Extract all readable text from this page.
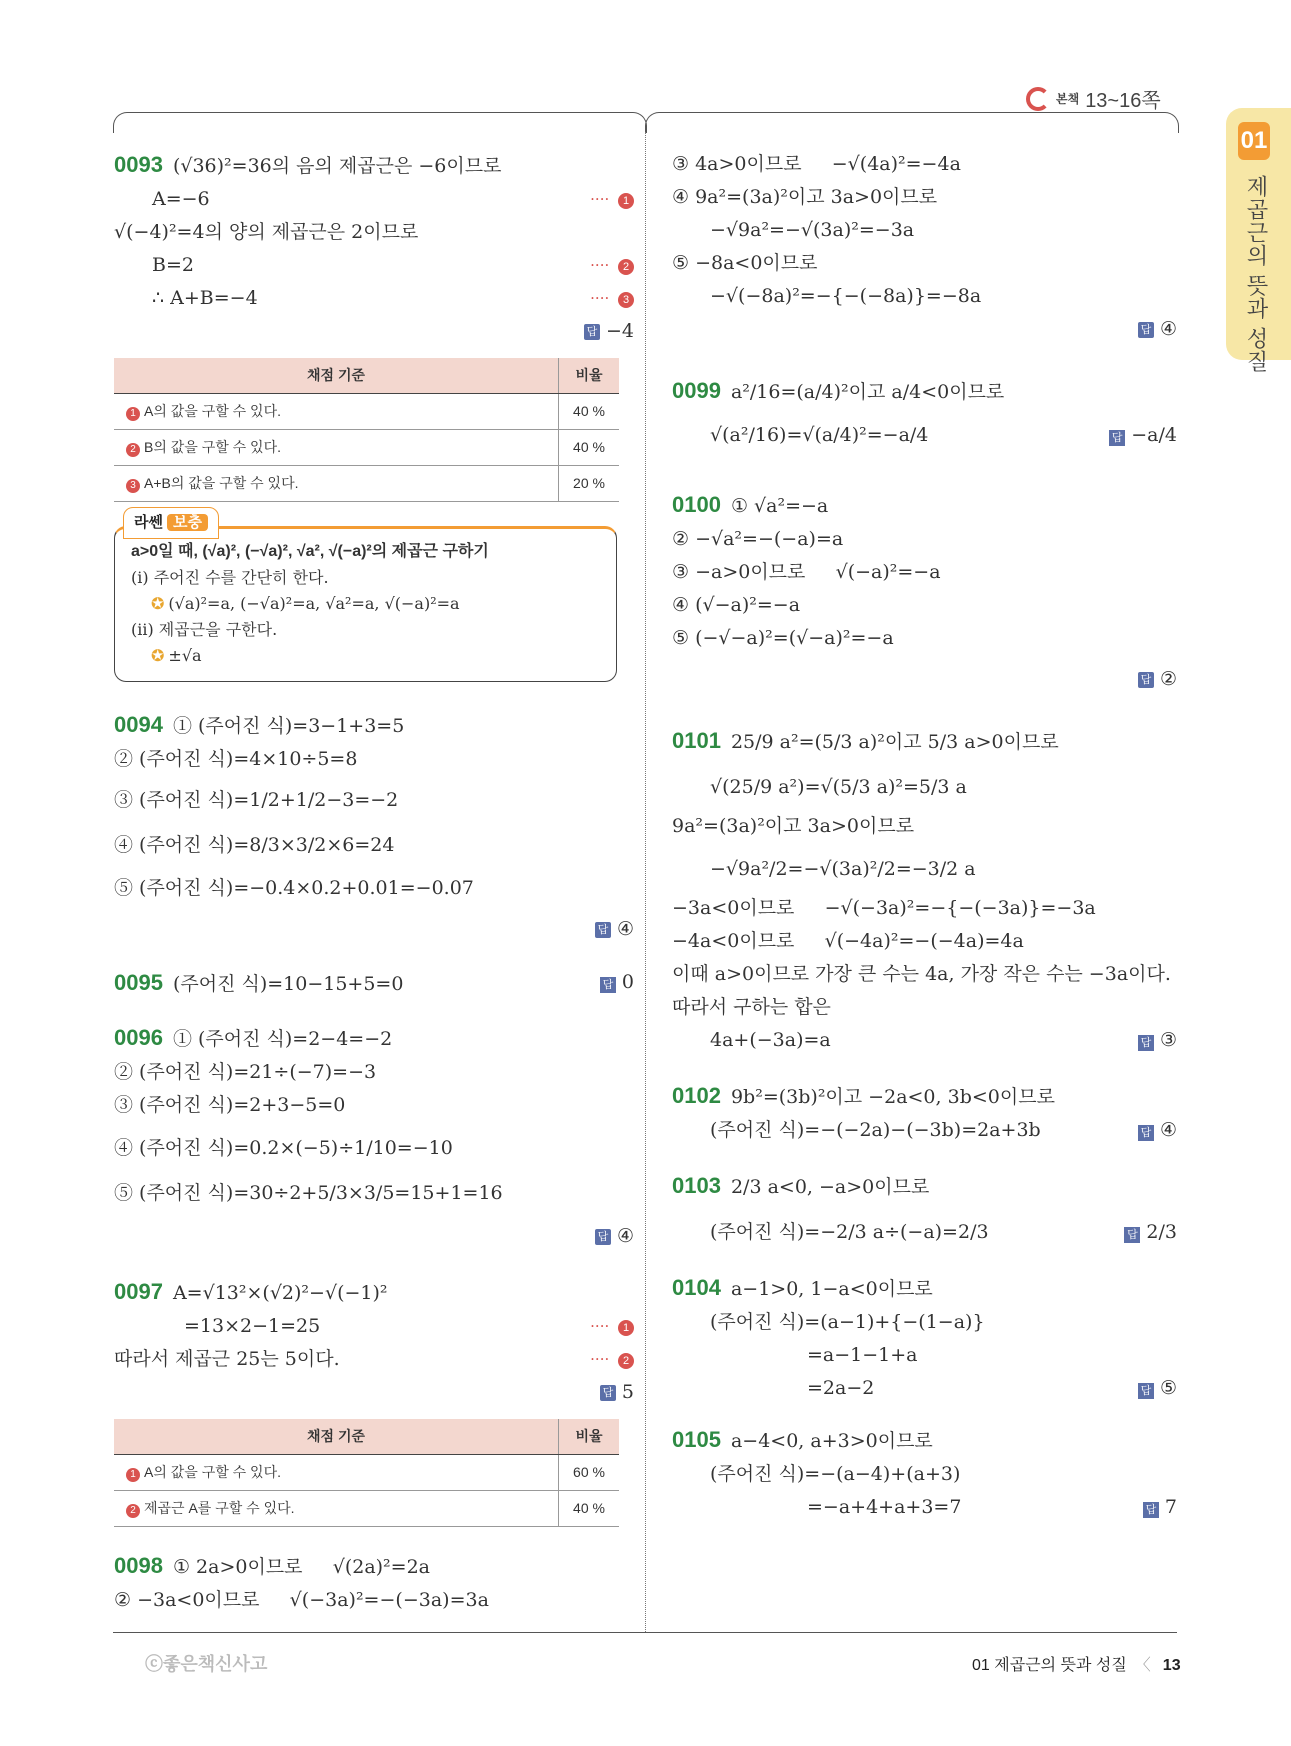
본책 13~16쪽
01
제곱근의 뜻과 성질
0093 (√36)²=36의 음의 제곱근은 −6이므로
A=−6	···· 1
√(−4)²=4의 양의 제곱근은 2이므로
B=2	···· 2
∴ A+B=−4	···· 3
답 −4
채점 기준	비율
1 A의 값을 구할 수 있다.	40 %
2 B의 값을 구할 수 있다.	40 %
3 A+B의 값을 구할 수 있다.	20 %
라쎈 보충
a>0일 때, (√a)², (−√a)², √a², √(−a)²의 제곱근 구하기
(ⅰ) 주어진 수를 간단히 한다.
✪ (√a)²=a, (−√a)²=a, √a²=a, √(−a)²=a
(ⅱ) 제곱근을 구한다.
✪ ±√a
0094 ① (주어진 식)=3−1+3=5
② (주어진 식)=4×10÷5=8
③ (주어진 식)=1/2+1/2−3=−2
④ (주어진 식)=8/3×3/2×6=24
⑤ (주어진 식)=−0.4×0.2+0.01=−0.07
답 ④
0095 (주어진 식)=10−15+5=0	답 0
0096 ① (주어진 식)=2−4=−2
② (주어진 식)=21÷(−7)=−3
③ (주어진 식)=2+3−5=0
④ (주어진 식)=0.2×(−5)÷1/10=−10
⑤ (주어진 식)=30÷2+5/3×3/5=15+1=16
답 ④
0097 A=√13²×(√2)²−√(−1)²
=13×2−1=25	···· 1
따라서 제곱근 25는 5이다.	···· 2
답 5
채점 기준	비율
1 A의 값을 구할 수 있다.	60 %
2 제곱근 A를 구할 수 있다.	40 %
0098 ① 2a>0이므로     √(2a)²=2a
② −3a<0이므로     √(−3a)²=−(−3a)=3a
③ 4a>0이므로     −√(4a)²=−4a
④ 9a²=(3a)²이고 3a>0이므로
−√9a²=−√(3a)²=−3a
⑤ −8a<0이므로
−√(−8a)²=−{−(−8a)}=−8a
답 ④
0099 a²/16=(a/4)²이고 a/4<0이므로
√(a²/16)=√(a/4)²=−a/4	답 −a/4
0100 ① √a²=−a
② −√a²=−(−a)=a
③ −a>0이므로     √(−a)²=−a
④ (√−a)²=−a
⑤ (−√−a)²=(√−a)²=−a
답 ②
0101 25/9 a²=(5/3 a)²이고 5/3 a>0이므로
√(25/9 a²)=√(5/3 a)²=5/3 a
9a²=(3a)²이고 3a>0이므로
−√9a²/2=−√(3a)²/2=−3/2 a
−3a<0이므로     −√(−3a)²=−{−(−3a)}=−3a
−4a<0이므로     √(−4a)²=−(−4a)=4a
이때 a>0이므로 가장 큰 수는 4a, 가장 작은 수는 −3a이다.
따라서 구하는 합은
4a+(−3a)=a	답 ③
0102 9b²=(3b)²이고 −2a<0, 3b<0이므로
(주어진 식)=−(−2a)−(−3b)=2a+3b	답 ④
0103 2/3 a<0, −a>0이므로
(주어진 식)=−2/3 a÷(−a)=2/3	답 2/3
0104 a−1>0, 1−a<0이므로
(주어진 식)=(a−1)+{−(1−a)}
=a−1−1+a
=2a−2	답 ⑤
0105 a−4<0, a+3>0이므로
(주어진 식)=−(a−4)+(a+3)
=−a+4+a+3=7	답 7
ⓒ좋은책신사고	01 제곱근의 뜻과 성질 〈 13
